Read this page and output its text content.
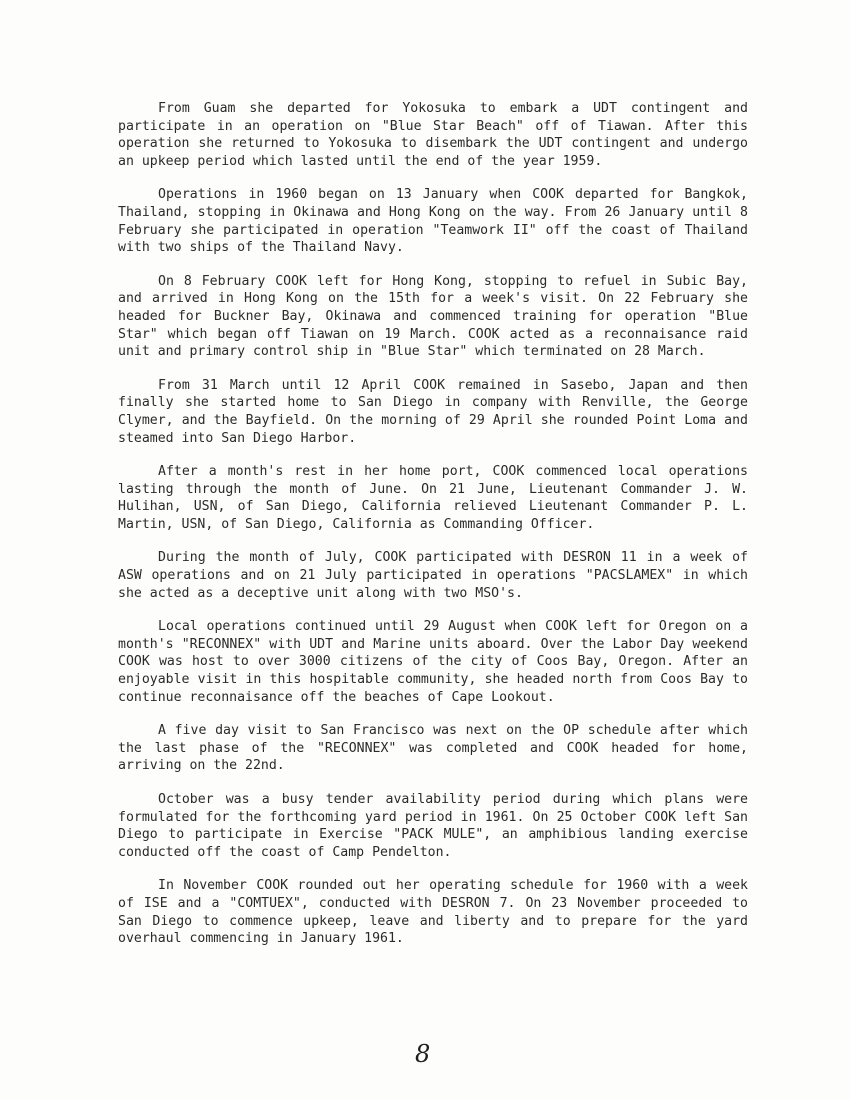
From Guam she departed for Yokosuka to embark a UDT contingent and participate in an operation on "Blue Star Beach" off of Tiawan. After this operation she returned to Yokosuka to disembark the UDT contingent and undergo an upkeep period which lasted until the end of the year 1959.

Operations in 1960 began on 13 January when COOK departed for Bangkok, Thailand, stopping in Okinawa and Hong Kong on the way. From 26 January until 8 February she participated in operation "Teamwork II" off the coast of Thailand with two ships of the Thailand Navy.

On 8 February COOK left for Hong Kong, stopping to refuel in Subic Bay, and arrived in Hong Kong on the 15th for a week's visit. On 22 February she headed for Buckner Bay, Okinawa and commenced training for operation "Blue Star" which began off Tiawan on 19 March. COOK acted as a reconnaisance raid unit and primary control ship in "Blue Star" which terminated on 28 March.

From 31 March until 12 April COOK remained in Sasebo, Japan and then finally she started home to San Diego in company with Renville, the George Clymer, and the Bayfield. On the morning of 29 April she rounded Point Loma and steamed into San Diego Harbor.

After a month's rest in her home port, COOK commenced local operations lasting through the month of June. On 21 June, Lieutenant Commander J. W. Hulihan, USN, of San Diego, California relieved Lieutenant Commander P. L. Martin, USN, of San Diego, California as Commanding Officer.

During the month of July, COOK participated with DESRON 11 in a week of ASW operations and on 21 July participated in operations "PACSLAMEX" in which she acted as a deceptive unit along with two MSO's.

Local operations continued until 29 August when COOK left for Oregon on a month's "RECONNEX" with UDT and Marine units aboard. Over the Labor Day weekend COOK was host to over 3000 citizens of the city of Coos Bay, Oregon. After an enjoyable visit in this hospitable community, she headed north from Coos Bay to continue reconnaisance off the beaches of Cape Lookout.

A five day visit to San Francisco was next on the OP schedule after which the last phase of the "RECONNEX" was completed and COOK headed for home, arriving on the 22nd.

October was a busy tender availability period during which plans were formulated for the forthcoming yard period in 1961. On 25 October COOK left San Diego to participate in Exercise "PACK MULE", an amphibious landing exercise conducted off the coast of Camp Pendelton.

In November COOK rounded out her operating schedule for 1960 with a week of ISE and a "COMTUEX", conducted with DESRON 7. On 23 November proceeded to San Diego to commence upkeep, leave and liberty and to prepare for the yard overhaul commencing in January 1961.

8
